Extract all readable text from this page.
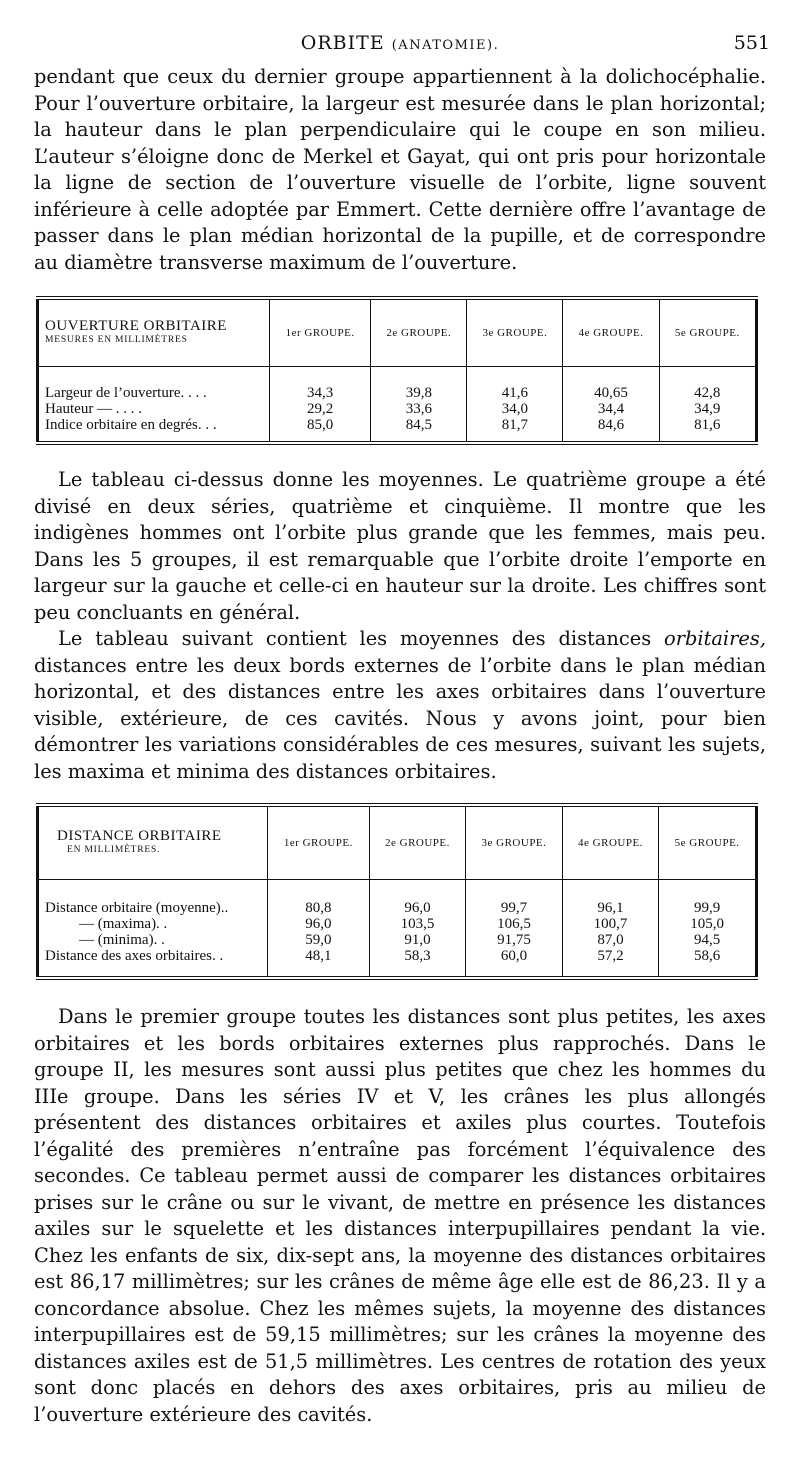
ORBITE (ANATOMIE).	551

pendant que ceux du dernier groupe appartiennent à la dolichocéphalie. Pour l’ouverture orbitaire, la largeur est mesurée dans le plan horizontal; la hauteur dans le plan perpendiculaire qui le coupe en son milieu. L’auteur s’éloigne donc de Merkel et Gayat, qui ont pris pour horizontale la ligne de section de l’ouverture visuelle de l’orbite, ligne souvent inférieure à celle adoptée par Emmert. Cette dernière offre l’avantage de passer dans le plan médian horizontal de la pupille, et de correspondre au diamètre transverse maximum de l’ouverture.

OUVERTURE ORBITAIRE
MESURES EN MILLIMÈTRES	1er GROUPE.	2e GROUPE.	3e GROUPE.	4e GROUPE.	5e GROUPE.
Largeur de l’ouverture. . . .	34,3	39,8	41,6	40,65	42,8
Hauteur — . . . .	29,2	33,6	34,0	34,4	34,9
Indice orbitaire en degrés. . .	85,0	84,5	81,7	84,6	81,6

Le tableau ci-dessus donne les moyennes. Le quatrième groupe a été divisé en deux séries, quatrième et cinquième. Il montre que les indigènes hommes ont l’orbite plus grande que les femmes, mais peu. Dans les 5 groupes, il est remarquable que l’orbite droite l’emporte en largeur sur la gauche et celle-ci en hauteur sur la droite. Les chiffres sont peu concluants en général.

Le tableau suivant contient les moyennes des distances orbitaires, distances entre les deux bords externes de l’orbite dans le plan médian horizontal, et des distances entre les axes orbitaires dans l’ouverture visible, extérieure, de ces cavités. Nous y avons joint, pour bien démontrer les variations considérables de ces mesures, suivant les sujets, les maxima et minima des distances orbitaires.

DISTANCE ORBITAIRE
EN MILLIMÈTRES.	1er GROUPE.	2e GROUPE.	3e GROUPE.	4e GROUPE.	5e GROUPE.
Distance orbitaire (moyenne)..	80,8	96,0	99,7	96,1	99,9
— (maxima). .	96,0	103,5	106,5	100,7	105,0
— (minima). .	59,0	91,0	91,75	87,0	94,5
Distance des axes orbitaires. .	48,1	58,3	60,0	57,2	58,6

Dans le premier groupe toutes les distances sont plus petites, les axes orbitaires et les bords orbitaires externes plus rapprochés. Dans le groupe II, les mesures sont aussi plus petites que chez les hommes du IIIe groupe. Dans les séries IV et V, les crânes les plus allongés présentent des distances orbitaires et axiles plus courtes. Toutefois l’égalité des premières n’entraîne pas forcément l’équivalence des secondes. Ce tableau permet aussi de comparer les distances orbitaires prises sur le crâne ou sur le vivant, de mettre en présence les distances axiles sur le squelette et les distances interpupillaires pendant la vie. Chez les enfants de six, dix-sept ans, la moyenne des distances orbitaires est 86,17 millimètres; sur les crânes de même âge elle est de 86,23. Il y a concordance absolue. Chez les mêmes sujets, la moyenne des distances interpupillaires est de 59,15 millimètres; sur les crânes la moyenne des distances axiles est de 51,5 millimètres. Les centres de rotation des yeux sont donc placés en dehors des axes orbitaires, pris au milieu de l’ouverture extérieure des cavités.
